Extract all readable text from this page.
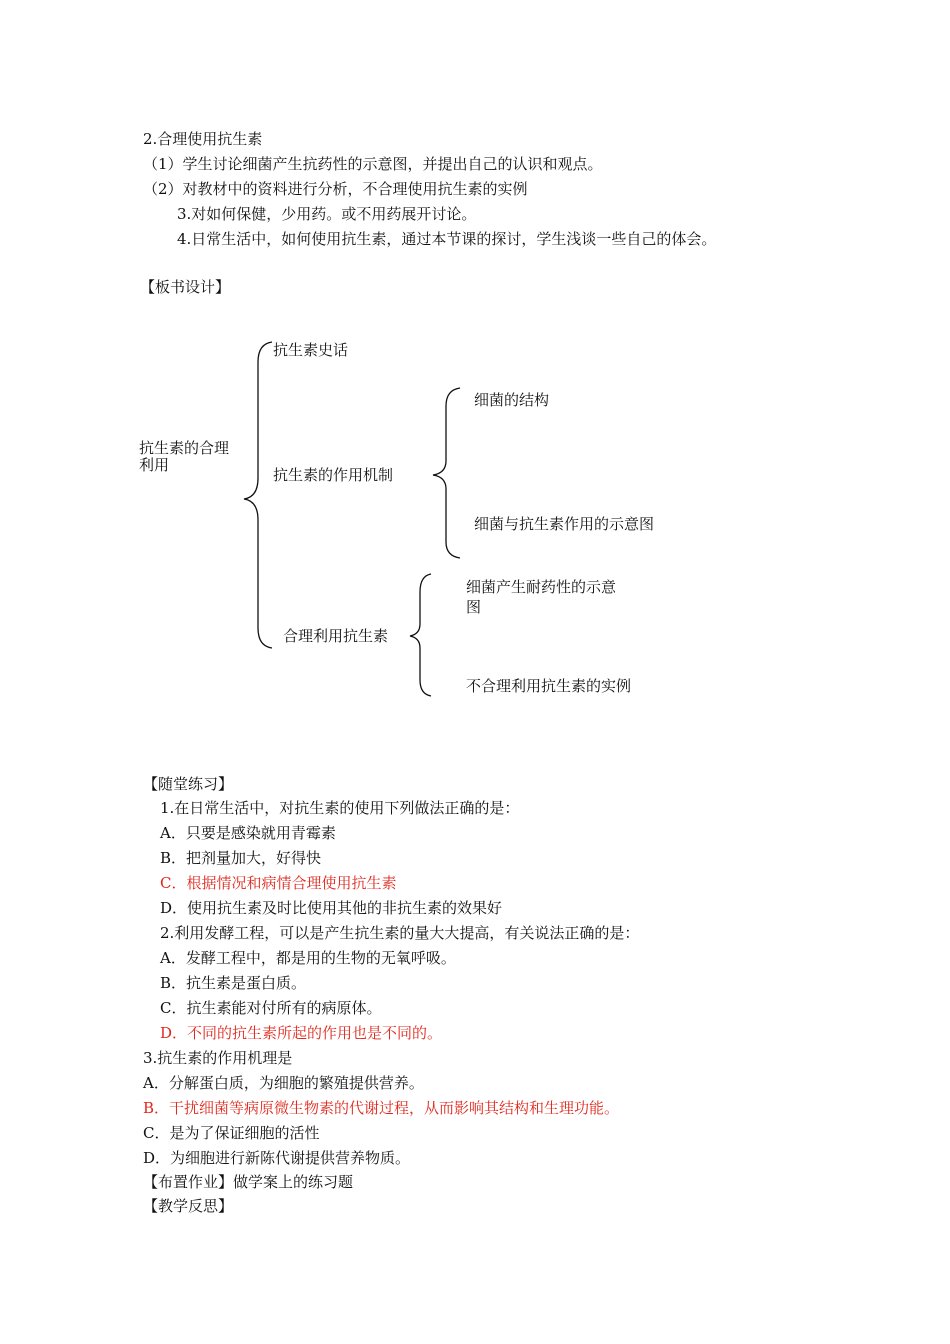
2.合理使用抗生素
（1）学生讨论细菌产生抗药性的示意图，并提出自己的认识和观点。
（2）对教材中的资料进行分析，不合理使用抗生素的实例
3.对如何保健，少用药。或不用药展开讨论。
4.日常生活中，如何使用抗生素，通过本节课的探讨，学生浅谈一些自己的体会。
【板书设计】
抗生素的合理利用
抗生素史话
抗生素的作用机制
合理利用抗生素
细菌的结构
细菌与抗生素作用的示意图
细菌产生耐药性的示意图
不合理利用抗生素的实例
【随堂练习】
1.在日常生活中，对抗生素的使用下列做法正确的是：
A．只要是感染就用青霉素
B．把剂量加大，好得快
C．根据情况和病情合理使用抗生素
D．使用抗生素及时比使用其他的非抗生素的效果好
2.利用发酵工程，可以是产生抗生素的量大大提高，有关说法正确的是：
A．发酵工程中，都是用的生物的无氧呼吸。
B．抗生素是蛋白质。
C．抗生素能对付所有的病原体。
D．不同的抗生素所起的作用也是不同的。
3.抗生素的作用机理是
A．分解蛋白质，为细胞的繁殖提供营养。
B．干扰细菌等病原微生物素的代谢过程，从而影响其结构和生理功能。
C．是为了保证细胞的活性
D．为细胞进行新陈代谢提供营养物质。
【布置作业】做学案上的练习题
【教学反思】
